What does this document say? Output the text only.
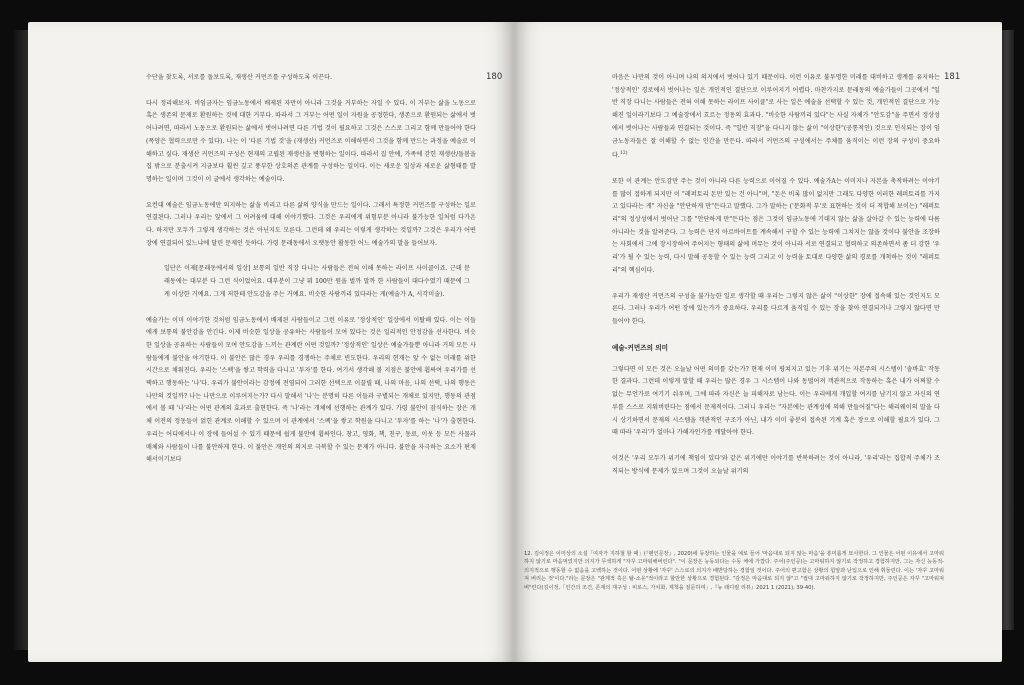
180

수단을 찾도록, 서로를 돌보도록, 재생산 커먼즈를 구성하도록 이끈다.

다시 정리해보자. 비임금자는 임금노동에서 배제된 자만이 아니라 그것을 거부하는 자일 수 있다. 이 거부는 삶을 노동으로 혹은 생존의 문제로 환원하는 것에 대한 거부다. 따라서 그 거부는 어떤 일이 자원을 공정한다, 생존으로 환원되는 삶에서 벗어나려면, 따라서 노동으로 환원되는 삶에서 벗어나려면 다른 기법 것이 필요하고 그것은 스스로 그리고 함께 만들어야 한다(폭양은 협력으로만 수 있다). 나는 이 '다른 기법 것'을 (재생산) 커먼즈로 이해하면서 그것을 함께 만드는 과정을 예술로 이해하고 싶다. 재생산 커먼즈의 구성은 현재의 고립된 재생산을 변형하는 일이다. 따라서 집 안에, 가족에 갇힌 재생산/돌봄을 집 밖으로 분출시켜 지금보다 훨씬 깊고 풍부한 상호의존 관계를 구성하는 일이다. 이는 새로운 일상과 새로운 삶형태를 발명하는 일이며 그것이 이 글에서 생각하는 예술이다.

요컨대 예술은 임금노동에만 의지하는 삶을 비리고 다른 삶의 양식을 만드는 일이다. 그래서 특정한 커먼즈를 구성하는 일로 연결된다. 그러나 우리는 앞에서 그 어려움에 대해 이야기했다. 그것은 우리에게 위험부분 아니라 불가능한 일처럼 다가온다. 하지만 모두가 그렇게 생각하는 것은 아닌지도 모른다. 그런데 왜 우리는 이렇게 생각하는 것일까? 그것은 우리가 어떤 장에 연결되어 있느냐에 달린 문제인 듯하다. 가령 문래동에서 오랫동안 활동한 어느 예술가의 말을 들어보자.

일단은 이제[문래동에서의 일상] 보통의 일반 직장 다니는 사람들은 전혀 이해 못하는 라이프 사이클이죠. 근데 문래동에는 대부분 다 그런 식이었어요. 대부분이 그냥 뭐 100만 원을 벌까 말까 한 사람들이 대다수였기 때문에 그게 이상한 거예요. 그게 저한테 안도감을 주는 거예요. 비슷한 사람끼리 있다라는 게(예술가 A, 시각미술).

예술가는 이미 이야기한 것처럼 임금노동에서 배제된 사람들이고 그런 이유로 '정상적인' 일상에서 이탈해 있다. 이는 이들에게 보통의 불안감을 안긴다. 이제 비슷한 일상을 공유하는 사람들이 모여 있다는 것은 일리적인 안정감을 선사한다. 비슷한 일상을 공유하는 사람들이 모여 안도감을 느끼는 관계란 어떤 것일까? '정상적인' 일상은 예술가들뿐 아니라 거의 모든 사람들에게 불안을 야기한다. 이 불안은 많은 경우 우리를 경쟁하는 주체로 빈도한다. 우리의 현재는 앞 수 없는 미래를 위한 시간으로 채워진다. 우리는 '스펙'을 쌓고 학력을 다니고 '투자'를 한다. 여기서 생각해 볼 지점은 불안에 휩싸여 우리가를 선택하고 행동하는 '나'다. 우리가 불안이라는 감정에 전염되어 그러한 선택으로 이끌릴 때, 나의 마음, 나의 선택, 나의 행동은 나만의 것일까? 나는 나만으로 이루어지는가? 다시 말해서 '나'는 분명히 다른 이들과 구별되는 개체로 있지만, 행동의 관점에서 볼 때 '나'라는 어떤 관계의 효과로 출현한다. 즉 '나'라는 개체에 선행하는 관계가 있다. 가령 불안이 잠식하는 장은 개체 이전의 정동들이 얽힌 관계로 이해할 수 있으며 이 관계에서 '스펙'을 쌓고 학원을 다니고 '투자'를 하는 '나'가 출현한다. 우리는 어디에서나 이 장에 들어설 수 있기 때문에 쉽게 불안에 휩싸인다. 창고, 영화, 책, 친구, 동료, 이웃 등 모든 사물과 매체와 사람들이 나를 불안하게 한다. 이 불안은 개인의 의지로 극복할 수 있는 문제가 아니다. 불안을 자극하는 요소가 편재해서이기보다

181

마음은 나만의 것이 아니며 나의 의지에서 벗어나 있기 때문이다. 이런 이유로 불투명한 미래를 대비하고 생계를 유지하는 '정상적인' 경로에서 벗어나는 일은 개인적인 결단으로 이루어지기 어렵다. 마찬가지로 문래동의 예술가들이 그곳에서 "일반 직장 다니는 사람들은 전혀 이해 못하는 라이프 사이클"로 사는 일은 예술을 선택할 수 있는 것, 개인적인 결단으로 가능해진 일이라기보다 그 예술장에서 흐르는 정동의 효과다. "비슷한 사람끼리 있다"는 사실 자체가 "안도감"을 주면서 정상성에서 벗어나는 사람들과 연결되는 것이다. 즉 "일반 직장"을 다니지 않는 삶이 "이상한"(공통적인) 것으로 인식되는 장이 임금노동자들은 잘 이해할 수 없는 인간을 만든다. 따라서 커먼즈의 구성에서는 주체를 움직이는 이런 장의 구성이 중요하다.$^{12)}$

또한 이 관계는 안도감만 주는 것이 아니라 다른 능력으로 이어질 수 있다. 예술가A는 이미지나 자본을 축적하려는 이야기를 많이 접하게 되지만 이 "레퍼토리 돈만 있는 건 아니"며, "돈은 비록 많이 없지만 그래도 다양한 이러한 레퍼토리를 가지고 있다라는 게" 자신을 "안단하게 만"든다고 말했다. 그가 말하는 ('문화적 부'로 표현하는 것이 더 적합해 보이는) "레퍼토리"의 정상성에서 벗어난 그를 "안단하게 만"든다는 점은 그것이 임금노동에 기대지 않는 삶을 살아갈 수 있는 능력에 다름 아니라는 것을 알려준다. 그 능력은 단지 아르바이트를 계속해서 구할 수 있는 능력에 그치지는 않을 것이다 불안을 조장하는 사회에서 그에 장시장하여 주어지는 형태의 삶에 머무는 것이 아니라 서로 연결되고 협력하고 의존하면서 좀 더 강한 '우리'가 될 수 있는 능력, 다시 말해 공동할 수 있는 능력 그리고 이 능력을 토대로 다양한 삶의 경로를 개척하는 것이 "레퍼토리"의 핵심이다.

우리가 재생산 커먼즈의 구성을 불가능한 일로 생각할 때 우리는 그렇지 않은 삶이 "이상한" 장에 접속해 있는 것인지도 모른다. 그러나 우리가 어떤 장에 있는가가 중요하다. 우리를 다르게 움직일 수 있는 장을 찾아 연결되거나 그렇지 않다면 만들어야 한다.

예술-커먼즈의 의미

그렇다면 이 모든 것은 오늘날 어떤 의미를 갖는가? 현재 이미 평쳐지고 있는 기후 위기는 자본주의 시스템이 '솔바효' 작동한 결과다. 그런데 이렇게 말할 때 우리는 많은 경우 그 시스템이 나와 동떨어져 객관적으로 작동하는 혹은 내가 어쩌할 수 없는 무언가로 여기기 쉬우며, 그에 따라 자신은 늘 피해자로 남는다. 이는 우리에게 개입할 여지를 남기지 않고 자신의 연루를 스스로 지워버린다는 점에서 문제적이다. 그러니 우리는 "자본에는 관계성에 의해 만들어질"다는 해리웨이의 말을 다시 상기하면서 문제의 시스템을 객관적인 구조가 아닌, 내가 이미 좋분히 접속된 기계 혹은 장으로 이해할 필요가 있다. 그때 따라 '우리'가 얼마나 가해자인가를 깨달아야 한다.

이것은 '우리 모두가 위기에 책임이 있다'와 같은 위기에만 이야기를 반복하려는 것이 아니라, '우리'라는 집합적 주체가 조직되는 방식에 문제가 있으며 그것이 오늘날 위기의

12. 김이정은 이미상의 소설「여자가 지하철 할 때」(『펜인문장』, 2020)에 등장하는 인물을 예로 들어 '마음대로 되지 않는 마음'을 흥미롭게 묘사한다. 그 인물은 어떤 이유에서 고마워하지 않기로 마음먹었지만 의지가 무색하게 "자꾸 고마워해버린다". "이 문장은 능동되다는 수동 체에 가깝다. 주어(주인공)는 고마워하지 않기로 작정하고 경험하지만, 그는 자신 능동적-의지적으로 행동할 수 없음을 고백하는 것이다. 어떤 상황에 '자꾸' 스스로의 의지가 배반당하는 경험일 것이다. 주어의 편고함은 상황의 힘앞과 난입으로 인해 휘둘린다. 이는 '자꾸 고마워져 버리는 것'이다."라는 문장은 "관계적 혹은 탈-소유"적이라고 할만한 상황으로 경험된다. "감정은 마음대로 되지 않"고 "절대 고마워하지 않기로 작정하지만, 주인공은 자꾸 "고마워져 버"린다(김이정,「인간의 조건, 존재의 재구성 : 비로스, 가치화, 계책을 질문하며」,『뉴 래디컬 리뷰』2021 1 (2021), 39-40).
